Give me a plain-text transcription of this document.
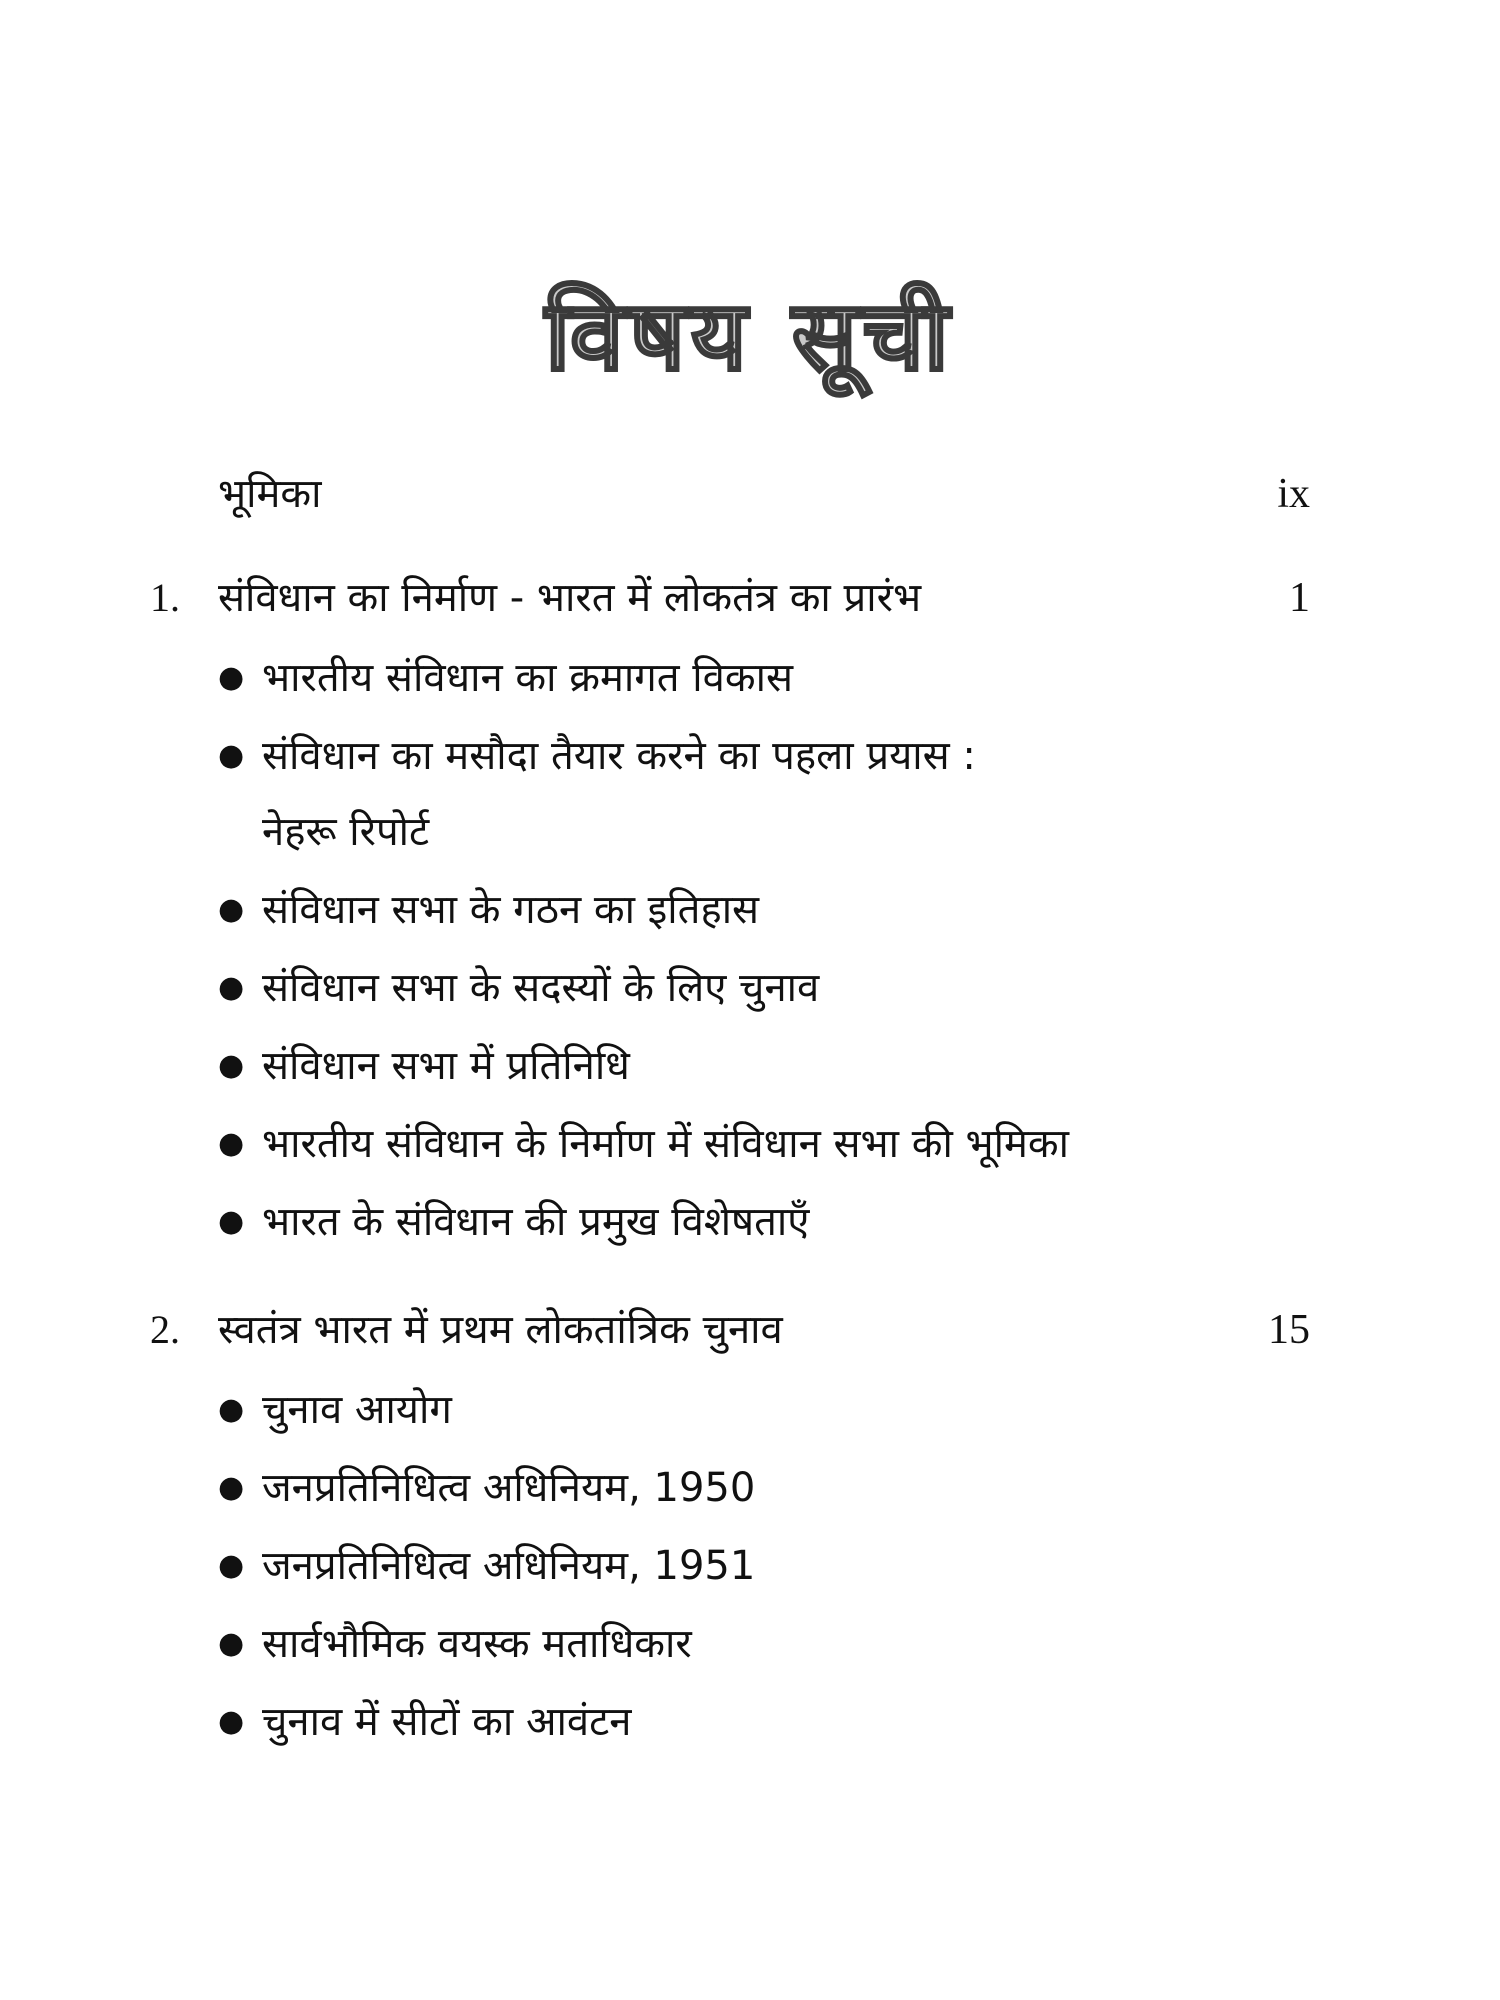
विषय सूची
भूमिका	ix
1. संविधान का निर्माण - भारत में लोकतंत्र का प्रारंभ	1
● भारतीय संविधान का क्रमागत विकास
● संविधान का मसौदा तैयार करने का पहला प्रयास :
नेहरू रिपोर्ट
● संविधान सभा के गठन का इतिहास
● संविधान सभा के सदस्यों के लिए चुनाव
● संविधान सभा में प्रतिनिधि
● भारतीय संविधान के निर्माण में संविधान सभा की भूमिका
● भारत के संविधान की प्रमुख विशेषताएँ
2. स्वतंत्र भारत में प्रथम लोकतांत्रिक चुनाव	15
● चुनाव आयोग
● जनप्रतिनिधित्व अधिनियम, 1950
● जनप्रतिनिधित्व अधिनियम, 1951
● सार्वभौमिक वयस्क मताधिकार
● चुनाव में सीटों का आवंटन
